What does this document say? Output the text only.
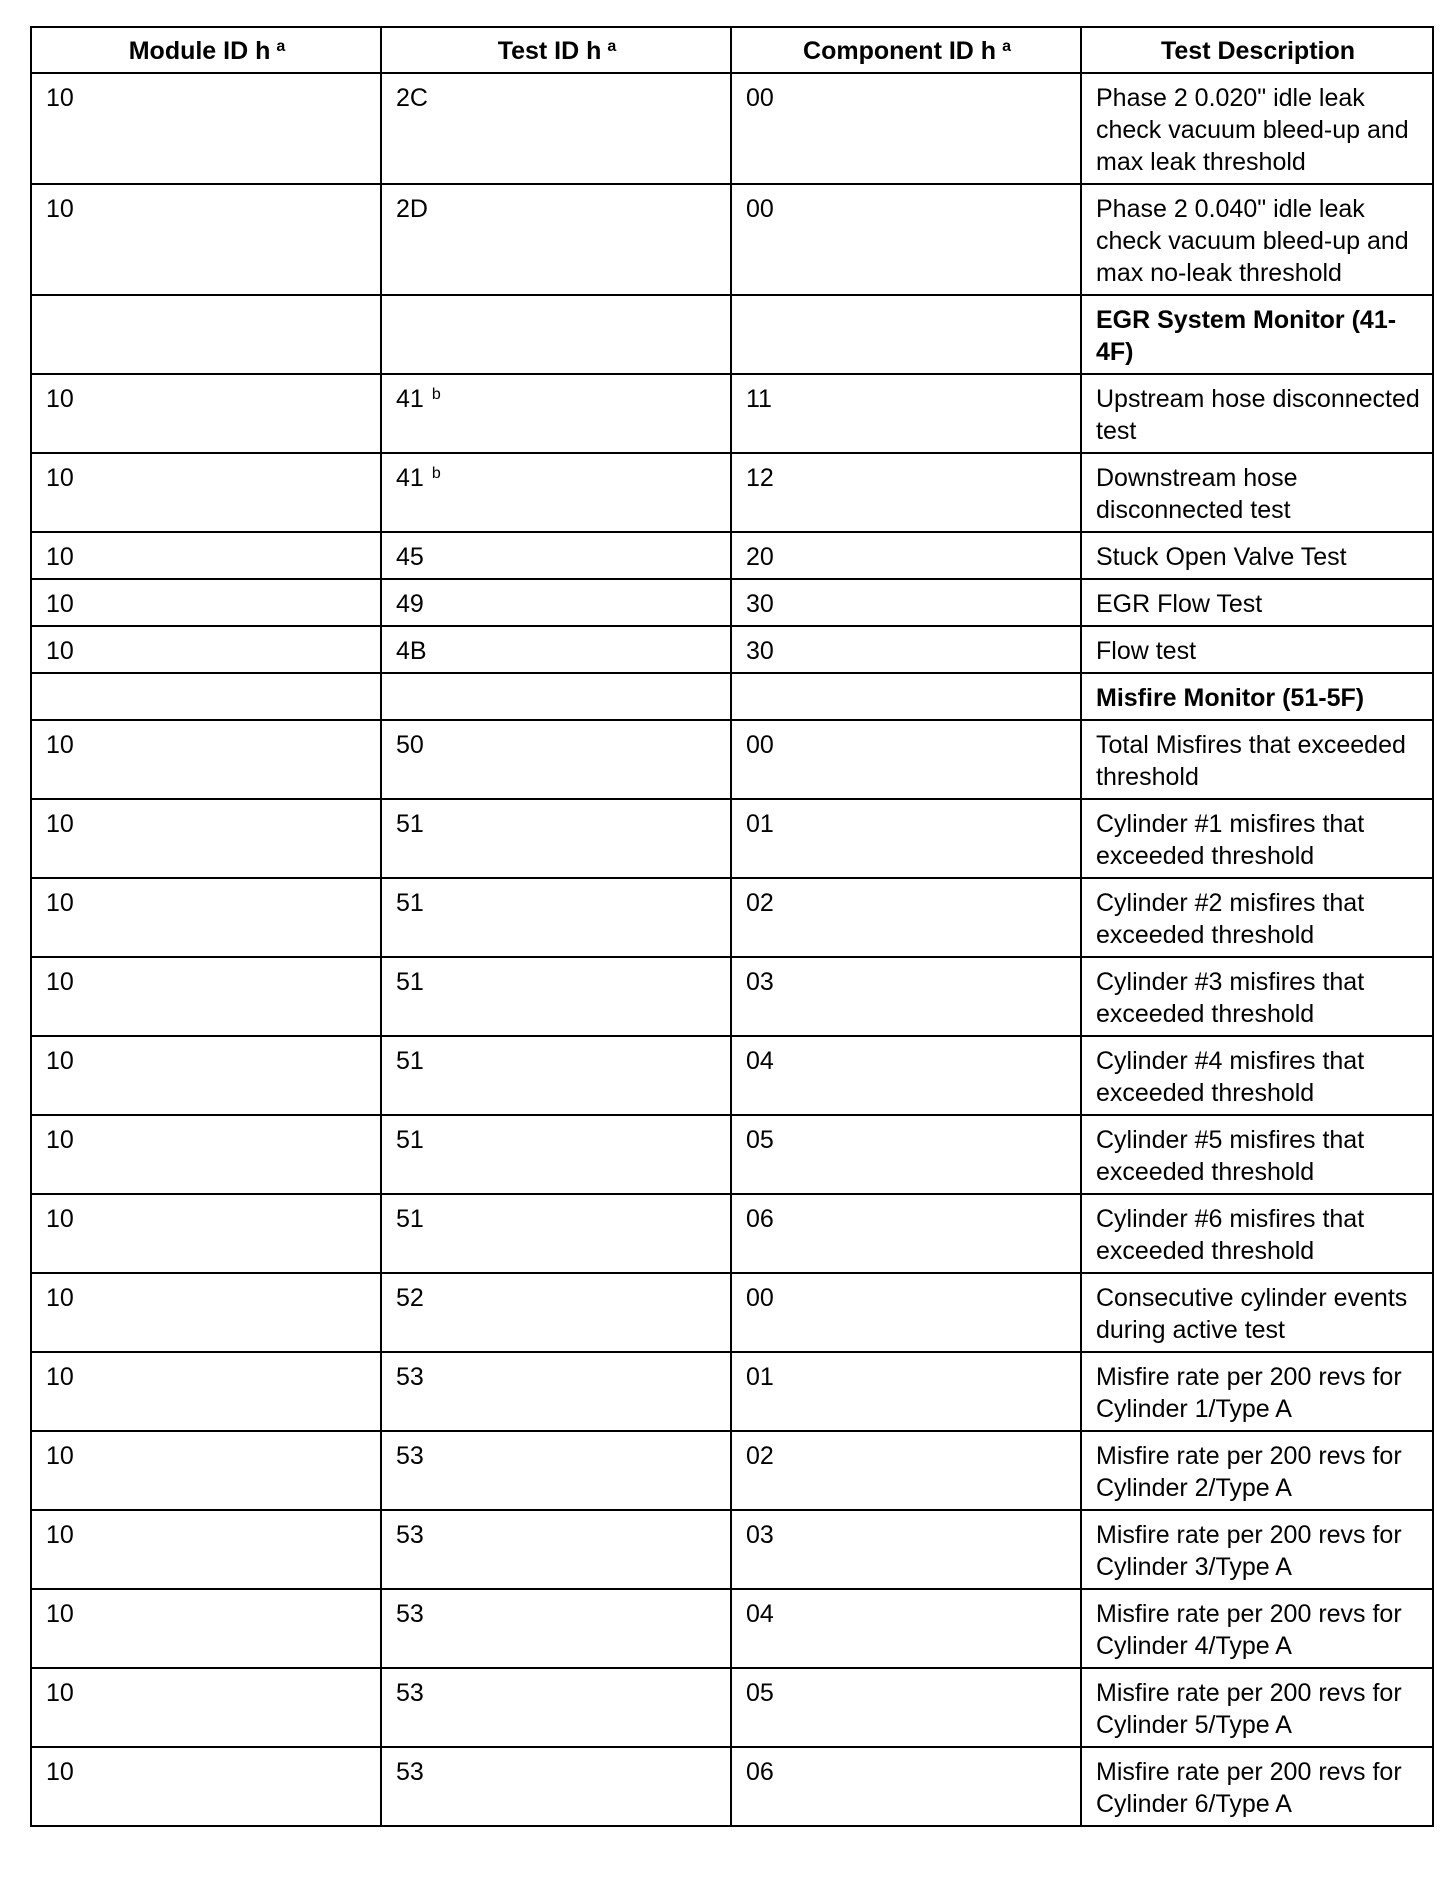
Module ID h $^a$	Test ID h $^a$	Component ID h $^a$	Test Description
10	2C	00	Phase 2 0.020" idle leak check vacuum bleed-up and max leak threshold
10	2D	00	Phase 2 0.040" idle leak check vacuum bleed-up and max no-leak threshold
			EGR System Monitor (41-4F)
10	41 $^b$	11	Upstream hose disconnected test
10	41 $^b$	12	Downstream hose disconnected test
10	45	20	Stuck Open Valve Test
10	49	30	EGR Flow Test
10	4B	30	Flow test
			Misfire Monitor (51-5F)
10	50	00	Total Misfires that exceeded threshold
10	51	01	Cylinder #1 misfires that exceeded threshold
10	51	02	Cylinder #2 misfires that exceeded threshold
10	51	03	Cylinder #3 misfires that exceeded threshold
10	51	04	Cylinder #4 misfires that exceeded threshold
10	51	05	Cylinder #5 misfires that exceeded threshold
10	51	06	Cylinder #6 misfires that exceeded threshold
10	52	00	Consecutive cylinder events during active test
10	53	01	Misfire rate per 200 revs for Cylinder 1/Type A
10	53	02	Misfire rate per 200 revs for Cylinder 2/Type A
10	53	03	Misfire rate per 200 revs for Cylinder 3/Type A
10	53	04	Misfire rate per 200 revs for Cylinder 4/Type A
10	53	05	Misfire rate per 200 revs for Cylinder 5/Type A
10	53	06	Misfire rate per 200 revs for Cylinder 6/Type A
